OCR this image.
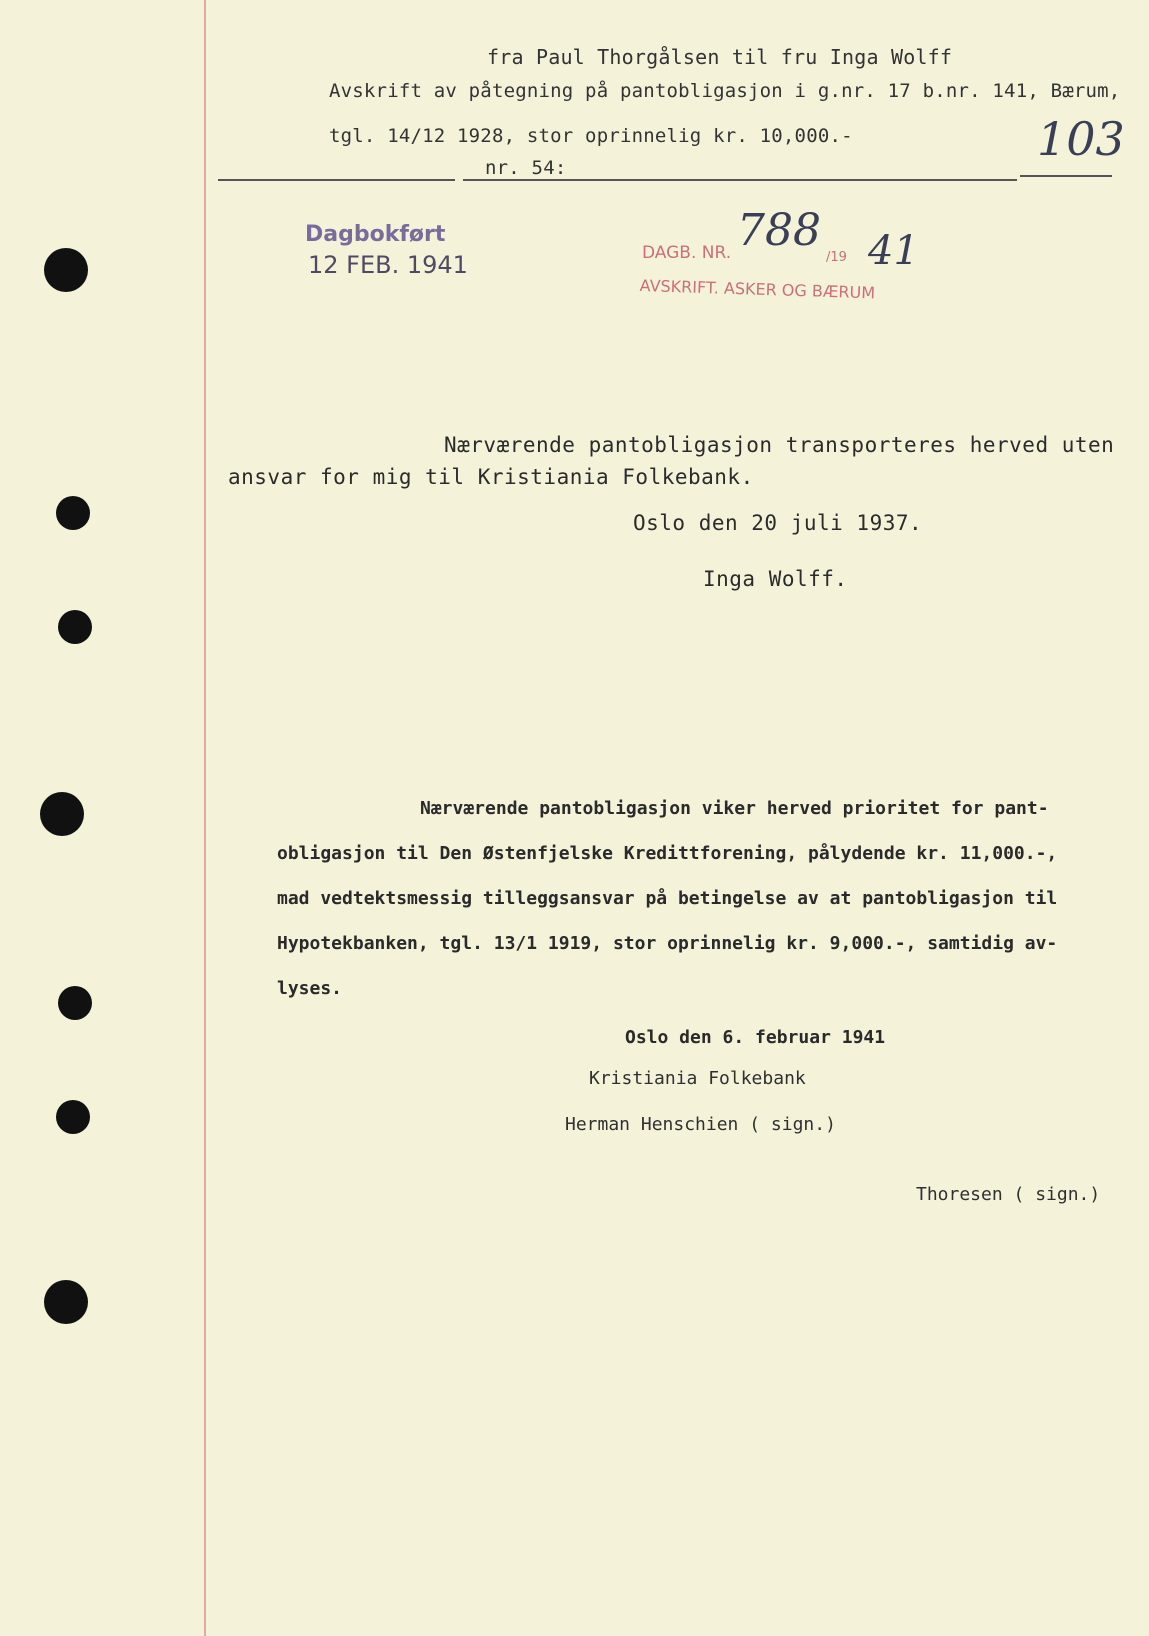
fra Paul Thorgålsen til fru Inga Wolff
Avskrift av påtegning på pantobligasjon i g.nr. 17 b.nr. 141, Bærum,
tgl. 14/12 1928, stor oprinnelig kr. 10,000.-
nr. 54:
103
Dagbokført
12 FEB. 1941	DAGB. NR. 788
/19 41
AVSKRIFT. ASKER OG BÆRUM
Nærværende pantobligasjon transporteres herved uten
ansvar for mig til Kristiania Folkebank.
Oslo den 20 juli 1937.
Inga Wolff.
Nærværende pantobligasjon viker herved prioritet for pant-
obligasjon til Den Østenfjelske Kredittforening, pålydende kr. 11,000.-,
mad vedtektsmessig tilleggsansvar på betingelse av at pantobligasjon til
Hypotekbanken, tgl. 13/1 1919, stor oprinnelig kr. 9,000.-, samtidig av-
lyses.
Oslo den 6. februar 1941
Kristiania Folkebank
Herman Henschien ( sign.)
Thoresen ( sign.)
